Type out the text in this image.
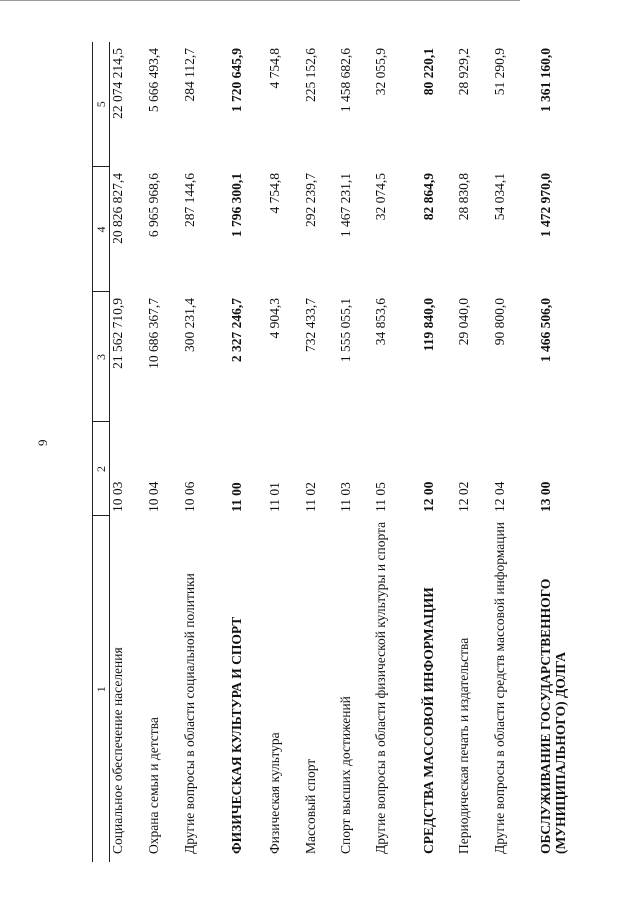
9
1	2	3	4	5
Социальное обеспечение населения	10 03	21 562 710,9	20 826 827,4	22 074 214,5
Охрана семьи и детства	10 04	10 686 367,7	6 965 968,6	5 666 493,4
Другие вопросы в области социальной политики	10 06	300 231,4	287 144,6	284 112,7
ФИЗИЧЕСКАЯ КУЛЬТУРА И СПОРТ	11 00	2 327 246,7	1 796 300,1	1 720 645,9
Физическая культура	11 01	4 904,3	4 754,8	4 754,8
Массовый спорт	11 02	732 433,7	292 239,7	225 152,6
Спорт высших достижений	11 03	1 555 055,1	1 467 231,1	1 458 682,6
Другие вопросы в области физической культуры и спорта	11 05	34 853,6	32 074,5	32 055,9
СРЕДСТВА МАССОВОЙ ИНФОРМАЦИИ	12 00	119 840,0	82 864,9	80 220,1
Периодическая печать и издательства	12 02	29 040,0	28 830,8	28 929,2
Другие вопросы в области средств массовой информации	12 04	90 800,0	54 034,1	51 290,9
ОБСЛУЖИВАНИЕ ГОСУДАРСТВЕННОГО (МУНИЦИПАЛЬНОГО) ДОЛГА	13 00	1 466 506,0	1 472 970,0	1 361 160,0
